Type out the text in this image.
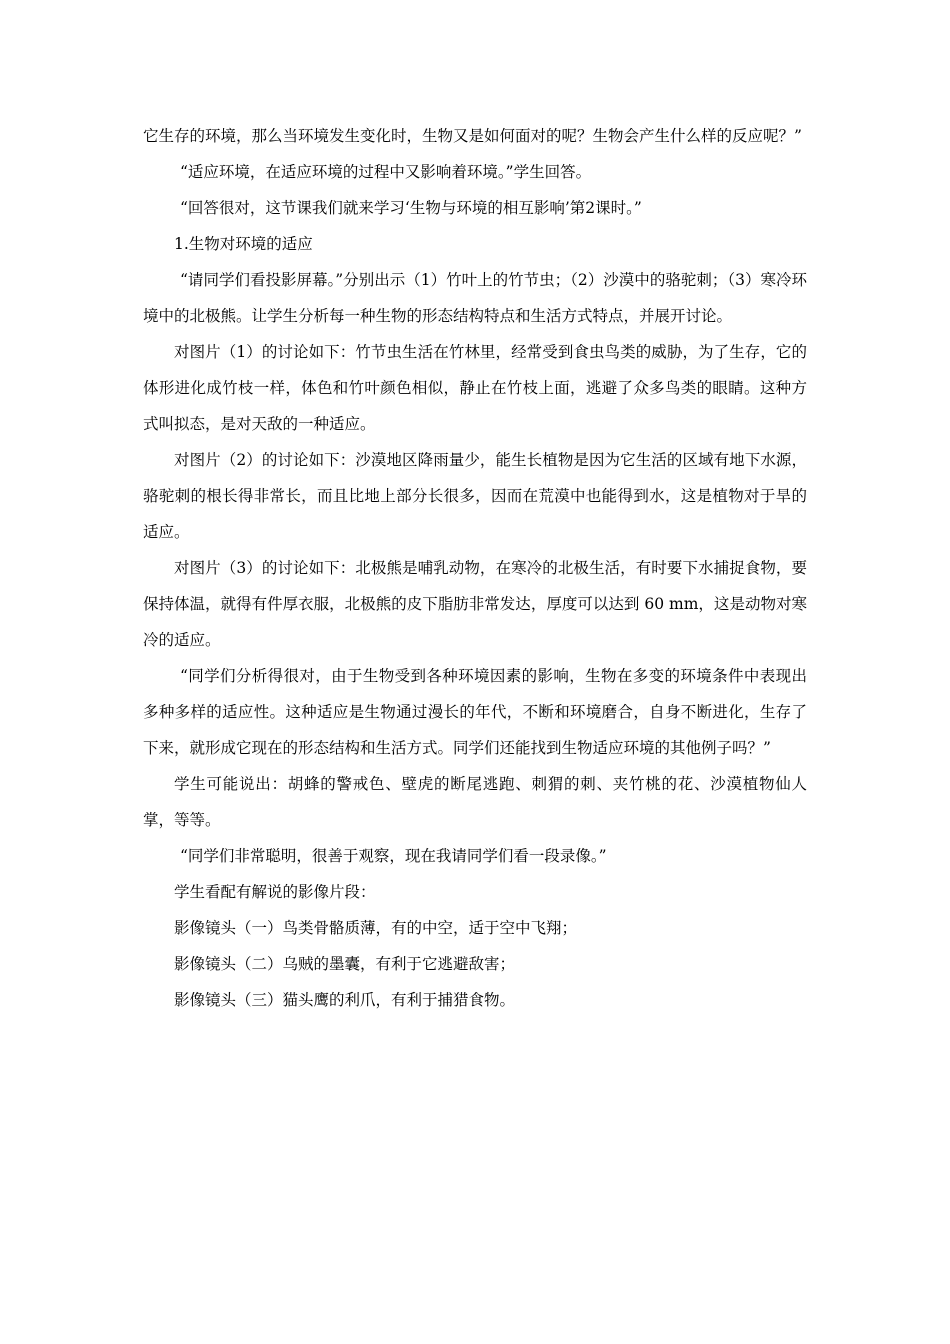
它生存的环境，那么当环境发生变化时，生物又是如何面对的呢？生物会产生什么样的反应呢？”

“适应环境，在适应环境的过程中又影响着环境。”学生回答。

“回答很对，这节课我们就来学习‘生物与环境的相互影响’第2课时。”

1.生物对环境的适应

“请同学们看投影屏幕。”分别出示（1）竹叶上的竹节虫；（2）沙漠中的骆驼刺；（3）寒冷环境中的北极熊。让学生分析每一种生物的形态结构特点和生活方式特点，并展开讨论。

对图片（1）的讨论如下：竹节虫生活在竹林里，经常受到食虫鸟类的威胁，为了生存，它的体形进化成竹枝一样，体色和竹叶颜色相似，静止在竹枝上面，逃避了众多鸟类的眼睛。这种方式叫拟态，是对天敌的一种适应。

对图片（2）的讨论如下：沙漠地区降雨量少，能生长植物是因为它生活的区域有地下水源，骆驼刺的根长得非常长，而且比地上部分长很多，因而在荒漠中也能得到水，这是植物对于旱的适应。

对图片（3）的讨论如下：北极熊是哺乳动物，在寒冷的北极生活，有时要下水捕捉食物，要保持体温，就得有件厚衣服，北极熊的皮下脂肪非常发达，厚度可以达到 60 mm，这是动物对寒冷的适应。

“同学们分析得很对，由于生物受到各种环境因素的影响，生物在多变的环境条件中表现出多种多样的适应性。这种适应是生物通过漫长的年代，不断和环境磨合，自身不断进化，生存了下来，就形成它现在的形态结构和生活方式。同学们还能找到生物适应环境的其他例子吗？”

学生可能说出：胡蜂的警戒色、壁虎的断尾逃跑、刺猬的刺、夹竹桃的花、沙漠植物仙人掌，等等。

“同学们非常聪明，很善于观察，现在我请同学们看一段录像。”

学生看配有解说的影像片段：

影像镜头（一）鸟类骨骼质薄，有的中空，适于空中飞翔；

影像镜头（二）乌贼的墨囊，有利于它逃避敌害；

影像镜头（三）猫头鹰的利爪，有利于捕猎食物。
